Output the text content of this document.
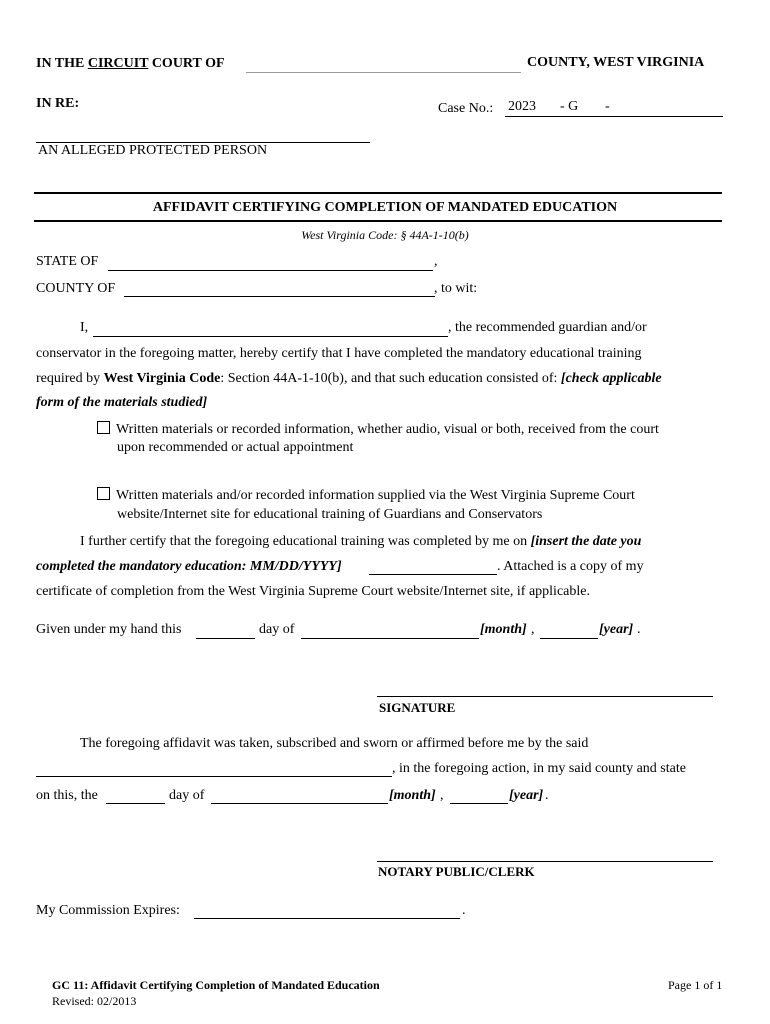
IN THE CIRCUIT COURT OF	COUNTY, WEST VIRGINIA
IN RE:	Case No.: 2023 - G -
AN ALLEGED PROTECTED PERSON
AFFIDAVIT CERTIFYING COMPLETION OF MANDATED EDUCATION
West Virginia Code: § 44A-1-10(b)
STATE OF	,
COUNTY OF	, to wit:
I,	, the recommended guardian and/or
conservator in the foregoing matter, hereby certify that I have completed the mandatory educational training
required by West Virginia Code: Section 44A-1-10(b), and that such education consisted of: [check applicable
form of the materials studied]
Written materials or recorded information, whether audio, visual or both, received from the court
upon recommended or actual appointment
Written materials and/or recorded information supplied via the West Virginia Supreme Court
website/Internet site for educational training of Guardians and Conservators
I further certify that the foregoing educational training was completed by me on [insert the date you
completed the mandatory education: MM/DD/YYYY]	. Attached is a copy of my
certificate of completion from the West Virginia Supreme Court website/Internet site, if applicable.
Given under my hand this	day of	[month] ,	[year] .
SIGNATURE
The foregoing affidavit was taken, subscribed and sworn or affirmed before me by the said
, in the foregoing action, in my said county and state
on this, the	day of	[month] ,	[year] .
NOTARY PUBLIC/CLERK
My Commission Expires:	.
GC 11: Affidavit Certifying Completion of Mandated Education
Revised: 02/2013
Page 1 of 1
